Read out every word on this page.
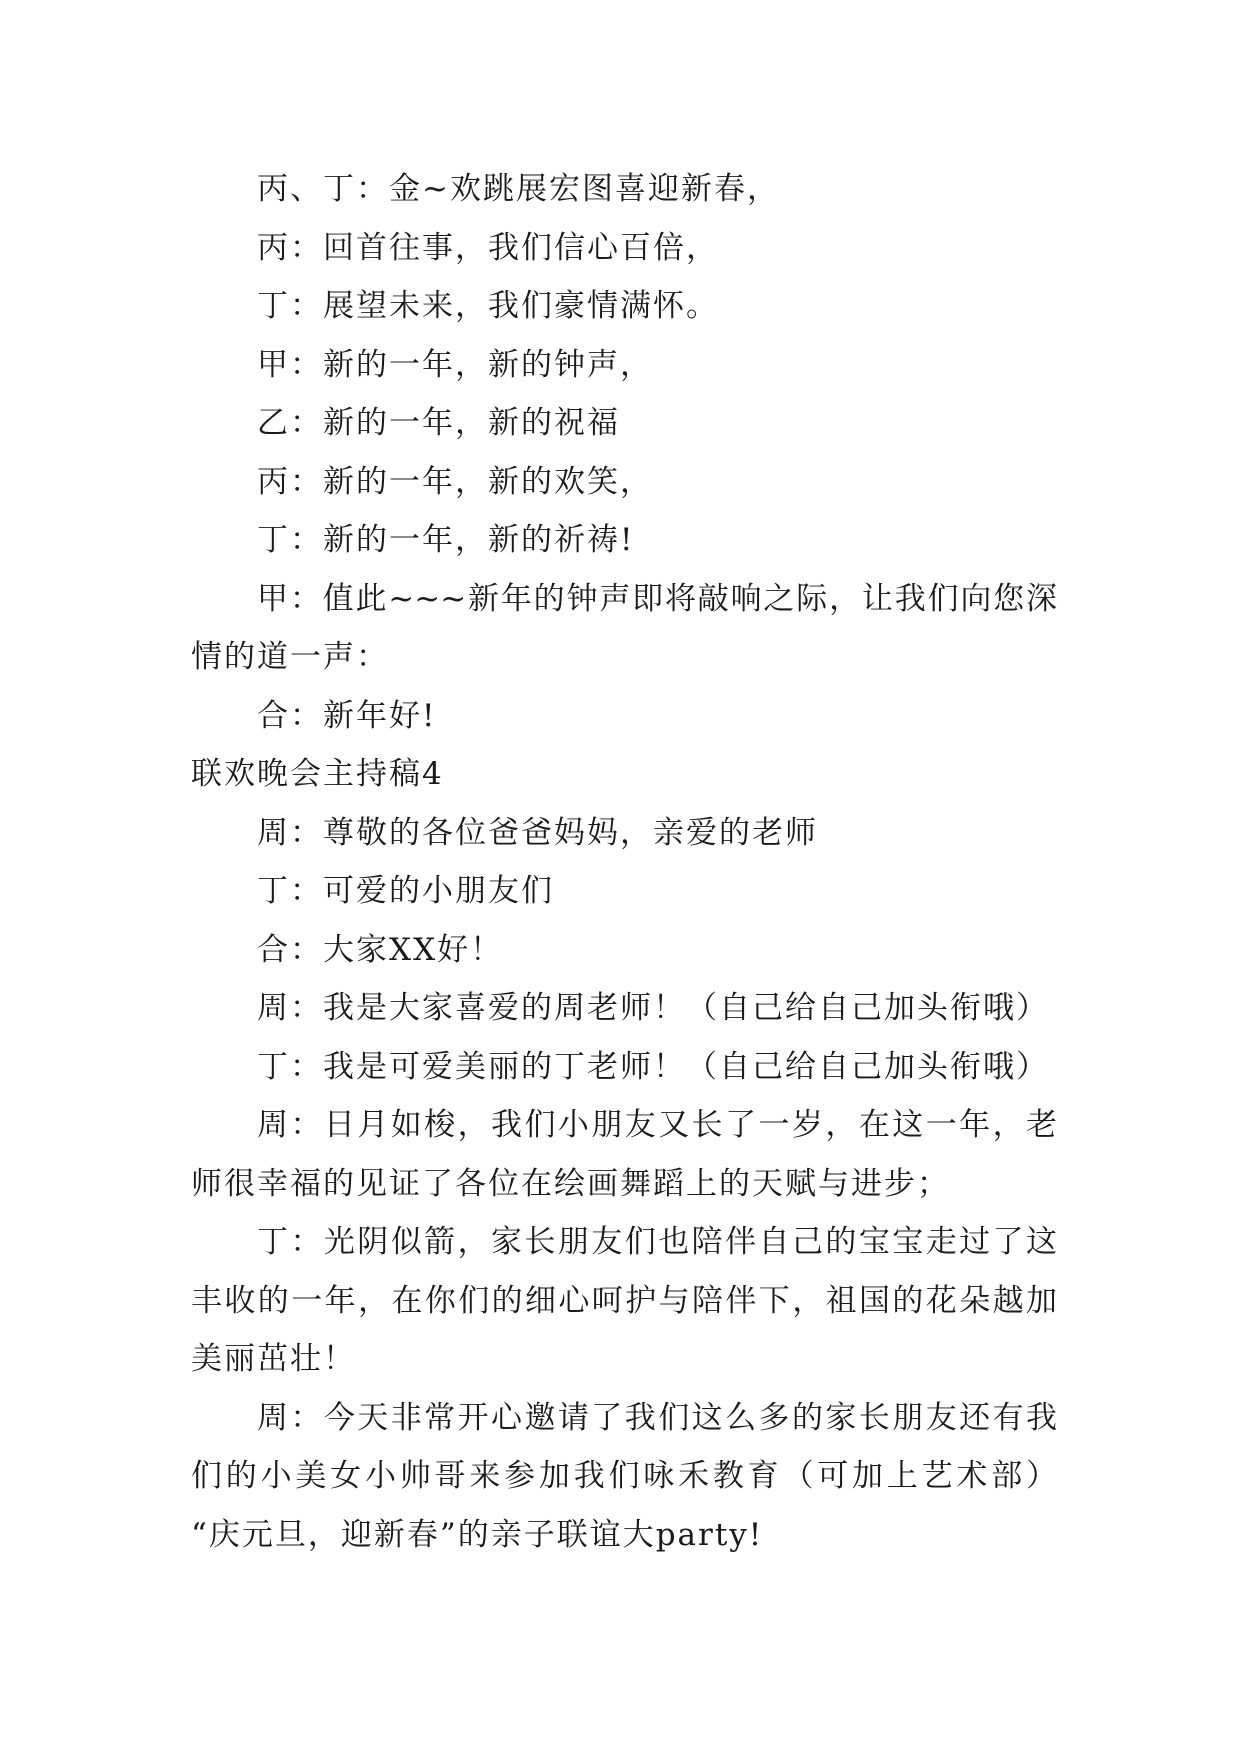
丙、丁：金~欢跳展宏图喜迎新春，
丙：回首往事，我们信心百倍，
丁：展望未来，我们豪情满怀。
甲：新的一年，新的钟声，
乙：新的一年，新的祝福
丙：新的一年，新的欢笑，
丁：新的一年，新的祈祷!
甲：值此~~~新年的钟声即将敲响之际，让我们向您深
情的道一声：
合：新年好!
联欢晚会主持稿4
周：尊敬的各位爸爸妈妈，亲爱的老师
丁：可爱的小朋友们
合：大家XX好！
周：我是大家喜爱的周老师！（自己给自己加头衔哦）
丁：我是可爱美丽的丁老师！（自己给自己加头衔哦）
周：日月如梭，我们小朋友又长了一岁，在这一年，老
师很幸福的见证了各位在绘画舞蹈上的天赋与进步；
丁：光阴似箭，家长朋友们也陪伴自己的宝宝走过了这
丰收的一年，在你们的细心呵护与陪伴下，祖国的花朵越加
美丽茁壮！
周：今天非常开心邀请了我们这么多的家长朋友还有我
们的小美女小帅哥来参加我们咏禾教育（可加上艺术部）
“庆元旦，迎新春”的亲子联谊大party!
